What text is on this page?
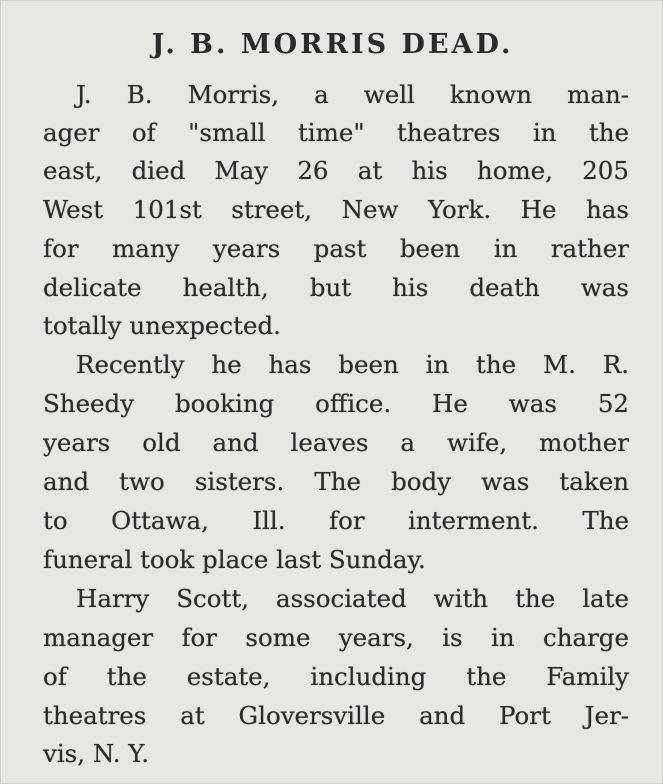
J. B. MORRIS DEAD.
J. B. Morris, a well known man-
ager of "small time" theatres in the
east, died May 26 at his home, 205
West 101st street, New York. He has
for many years past been in rather
delicate health, but his death was
totally unexpected.
Recently he has been in the M. R.
Sheedy booking office. He was 52
years old and leaves a wife, mother
and two sisters. The body was taken
to Ottawa, Ill. for interment. The
funeral took place last Sunday.
Harry Scott, associated with the late
manager for some years, is in charge
of the estate, including the Family
theatres at Gloversville and Port Jer-
vis, N. Y.
